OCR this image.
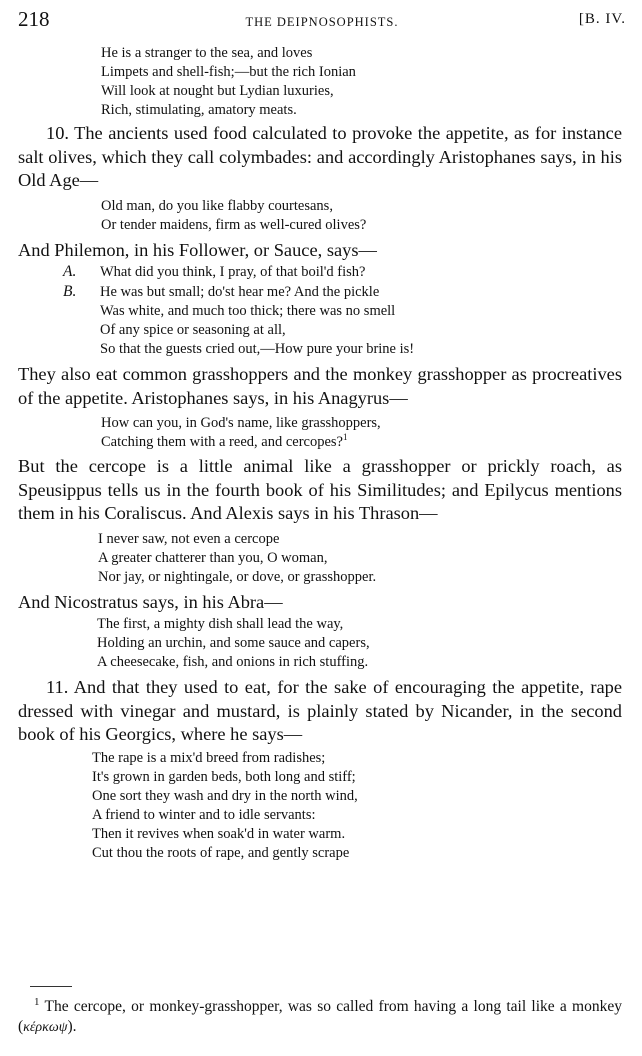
218	THE DEIPNOSOPHISTS.	[B. IV.
He is a stranger to the sea, and loves
Limpets and shell-fish;—but the rich Ionian
Will look at nought but Lydian luxuries,
Rich, stimulating, amatory meats.

10. The ancients used food calculated to provoke the appetite, as for instance salt olives, which they call colymbades: and accordingly Aristophanes says, in his Old Age—

Old man, do you like flabby courtesans,
Or tender maidens, firm as well-cured olives?

And Philemon, in his Follower, or Sauce, says—

A. What did you think, I pray, of that boil'd fish?
B. He was but small; do'st hear me? And the pickle
Was white, and much too thick; there was no smell
Of any spice or seasoning at all,
So that the guests cried out,—How pure your brine is!

They also eat common grasshoppers and the monkey grasshopper as procreatives of the appetite. Aristophanes says, in his Anagyrus—

How can you, in God's name, like grasshoppers,
Catching them with a reed, and cercopes?$^1$

But the cercope is a little animal like a grasshopper or prickly roach, as Speusippus tells us in the fourth book of his Similitudes; and Epilycus mentions them in his Coraliscus. And Alexis says in his Thrason—

I never saw, not even a cercope
A greater chatterer than you, O woman,
Nor jay, or nightingale, or dove, or grasshopper.

And Nicostratus says, in his Abra—

The first, a mighty dish shall lead the way,
Holding an urchin, and some sauce and capers,
A cheesecake, fish, and onions in rich stuffing.

11. And that they used to eat, for the sake of encouraging the appetite, rape dressed with vinegar and mustard, is plainly stated by Nicander, in the second book of his Georgics, where he says—

The rape is a mix'd breed from radishes;
It's grown in garden beds, both long and stiff;
One sort they wash and dry in the north wind,
A friend to winter and to idle servants:
Then it revives when soak'd in water warm.
Cut thou the roots of rape, and gently scrape

$^1$ The cercope, or monkey-grasshopper, was so called from having a long tail like a monkey (κέρκωψ).
